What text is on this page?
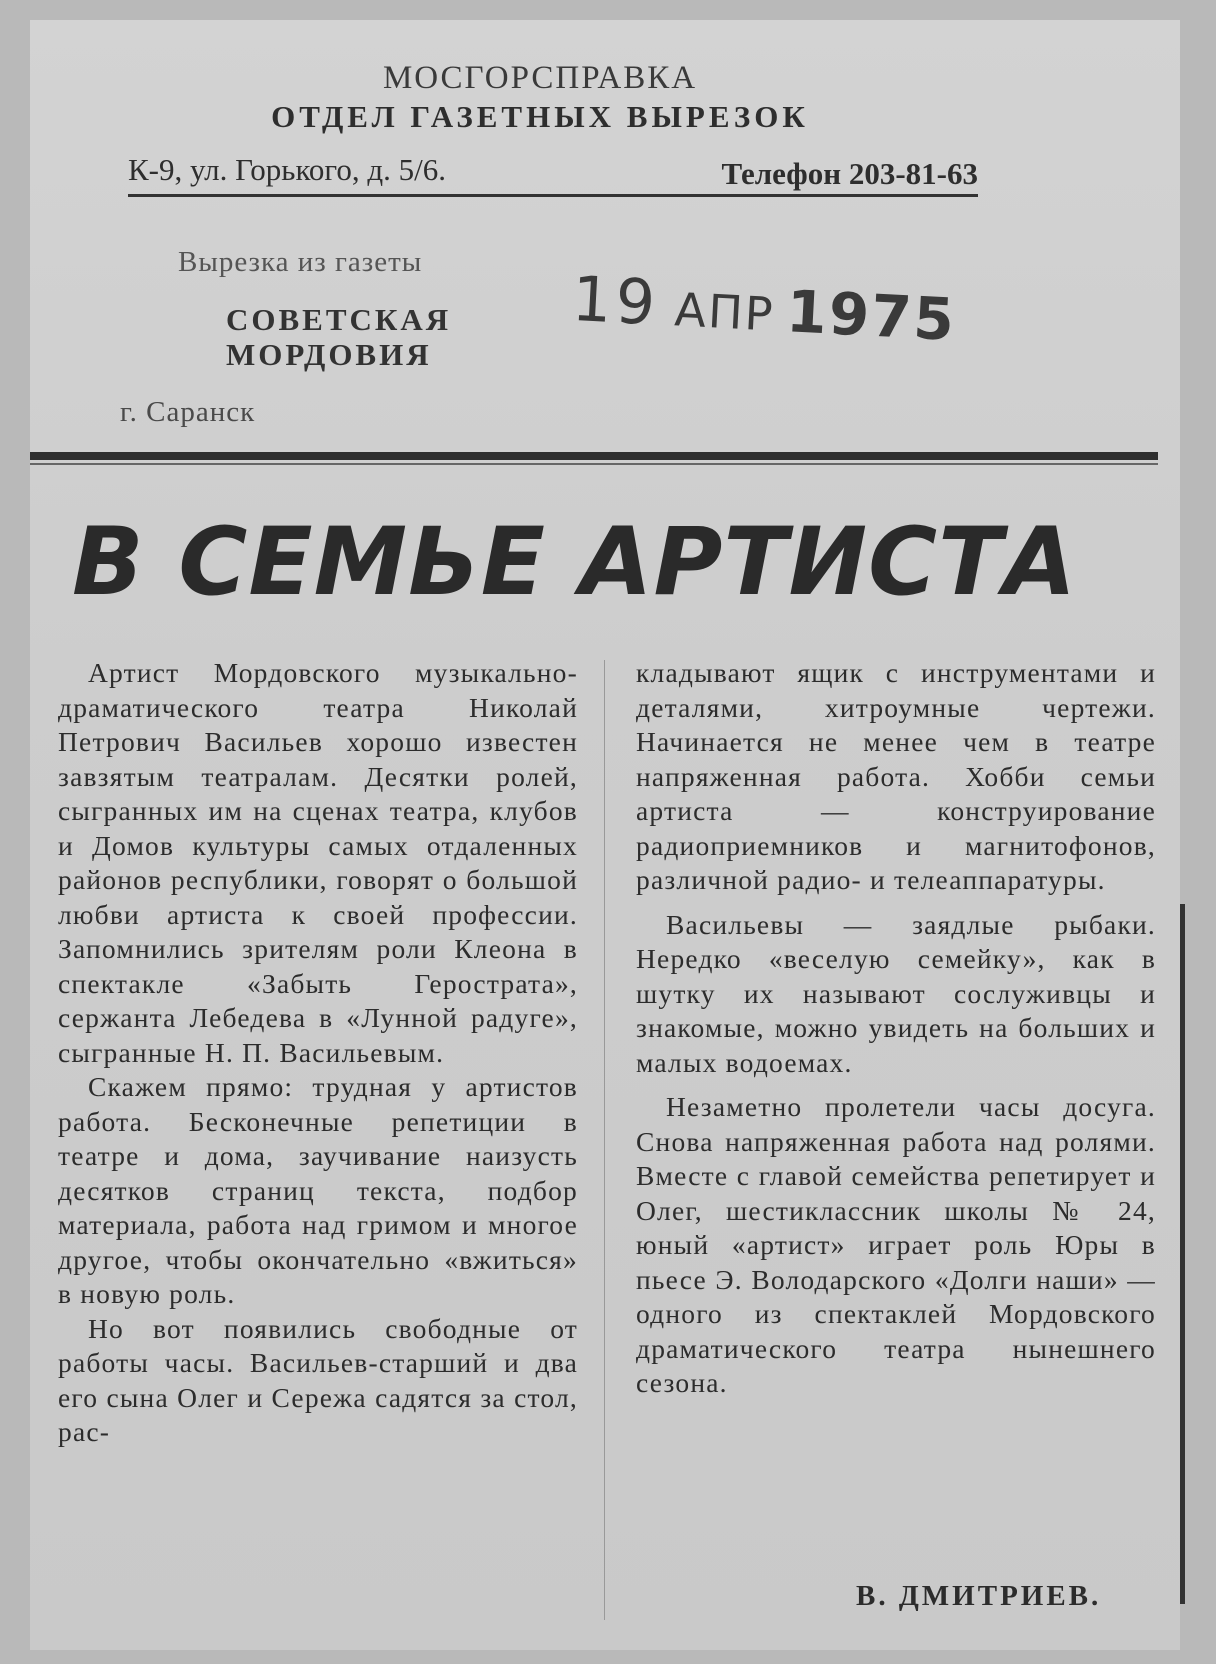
МОСГОРСПРАВКА
ОТДЕЛ ГАЗЕТНЫХ ВЫРЕЗОК
К-9, ул. Горького, д. 5/6.	Телефон 203-81-63
Вырезка из газеты
СОВЕТСКАЯ
МОРДОВИЯ
г. Саранск
19 АПР 1975
В СЕМЬЕ АРТИСТА

Артист Мордовского музыкально-драматического театра Николай Петрович Васильев хорошо известен завзятым театралам. Десятки ролей, сыгранных им на сценах театра, клубов и Домов культуры самых отдаленных районов республики, говорят о большой любви артиста к своей профессии. Запомнились зрителям роли Клеона в спектакле «Забыть Герострата», сержанта Лебедева в «Лунной радуге», сыгранные Н. П. Васильевым.

Скажем прямо: трудная у артистов работа. Бесконечные репетиции в театре и дома, заучивание наизусть десятков страниц текста, подбор материала, работа над гримом и многое другое, чтобы окончательно «вжиться» в новую роль.

Но вот появились свободные от работы часы. Васильев-старший и два его сына Олег и Сережа садятся за стол, рас-

кладывают ящик с инструментами и деталями, хитроумные чертежи. Начинается не менее чем в театре напряженная работа. Хобби семьи артиста — конструирование радиоприемников и магнитофонов, различной радио- и телеаппаратуры.

Васильевы — заядлые рыбаки. Нередко «веселую семейку», как в шутку их называют сослуживцы и знакомые, можно увидеть на больших и малых водоемах.

Незаметно пролетели часы досуга. Снова напряженная работа над ролями. Вместе с главой семейства репетирует и Олег, шестиклассник школы № 24, юный «артист» играет роль Юры в пьесе Э. Володарского «Долги наши» — одного из спектаклей Мордовского драматического театра нынешнего сезона.

В. ДМИТРИЕВ.
